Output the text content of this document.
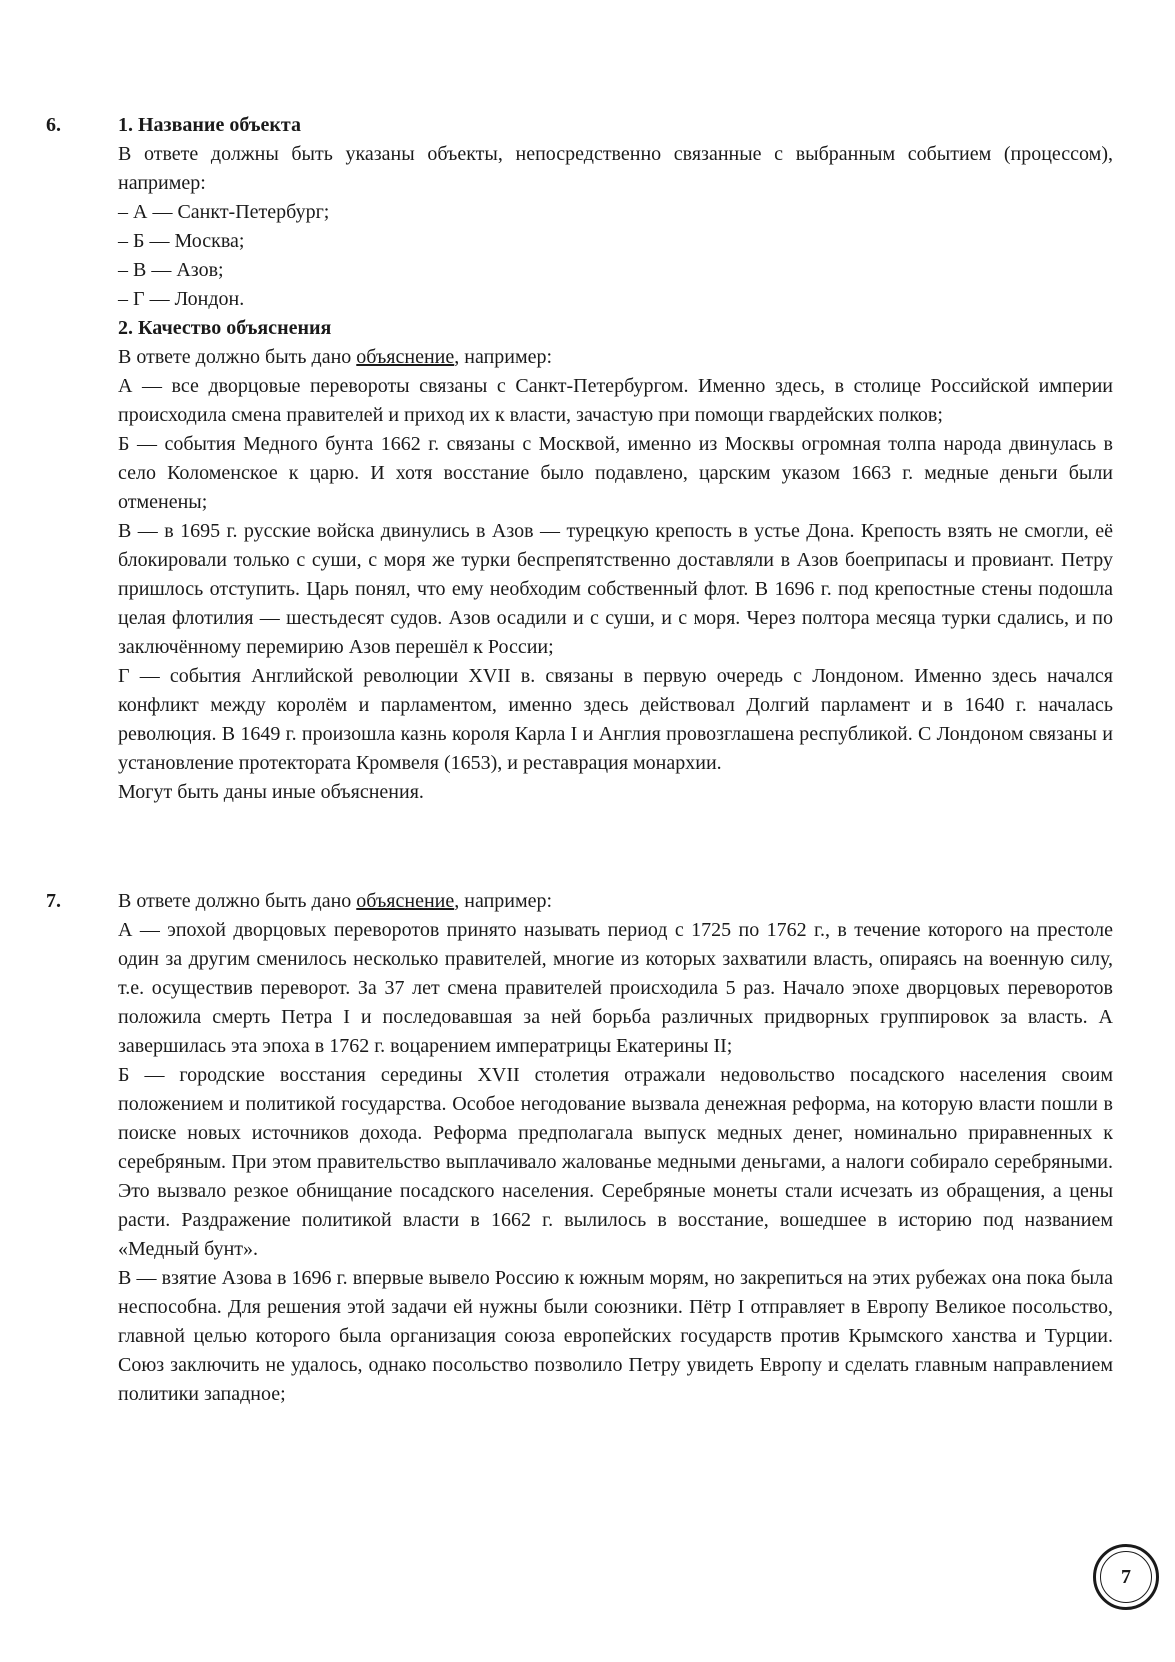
6.	1. Название объекта

В ответе должны быть указаны объекты, непосредственно связанные с выбранным событием (процессом), например:

– А — Санкт-Петербург;

– Б — Москва;

– В — Азов;

– Г — Лондон.

2. Качество объяснения

В ответе должно быть дано объяснение, например:

А — все дворцовые перевороты связаны с Санкт-Петербургом. Именно здесь, в столице Российской империи происходила смена правителей и приход их к власти, зачастую при помощи гвардейских полков;

Б — события Медного бунта 1662 г. связаны с Москвой, именно из Москвы огромная толпа народа двинулась в село Коломенское к царю. И хотя восстание было подавлено, царским указом 1663 г. медные деньги были отменены;

В — в 1695 г. русские войска двинулись в Азов — турецкую крепость в устье Дона. Крепость взять не смогли, её блокировали только с суши, с моря же турки беспрепятственно доставляли в Азов боеприпасы и провиант. Петру пришлось отступить. Царь понял, что ему необходим собственный флот. В 1696 г. под крепостные стены подошла целая флотилия — шестьдесят судов. Азов осадили и с суши, и с моря. Через полтора месяца турки сдались, и по заключённому перемирию Азов перешёл к России;

Г — события Английской революции XVII в. связаны в первую очередь с Лондоном. Именно здесь начался конфликт между королём и парламентом, именно здесь действовал Долгий парламент и в 1640 г. началась революция. В 1649 г. произошла казнь короля Карла I и Англия провозглашена республикой. С Лондоном связаны и установление протектората Кромвеля (1653), и реставрация монархии.

Могут быть даны иные объяснения.

7.	В ответе должно быть дано объяснение, например:

А — эпохой дворцовых переворотов принято называть период с 1725 по 1762 г., в течение которого на престоле один за другим сменилось несколько правителей, многие из которых захватили власть, опираясь на военную силу, т.е. осуществив переворот. За 37 лет смена правителей происходила 5 раз. Начало эпохе дворцовых переворотов положила смерть Петра I и последовавшая за ней борьба различных придворных группировок за власть. А завершилась эта эпоха в 1762 г. воцарением императрицы Екатерины II;

Б — городские восстания середины XVII столетия отражали недовольство посадского населения своим положением и политикой государства. Особое негодование вызвала денежная реформа, на которую власти пошли в поиске новых источников дохода. Реформа предполагала выпуск медных денег, номинально приравненных к серебряным. При этом правительство выплачивало жалованье медными деньгами, а налоги собирало серебряными. Это вызвало резкое обнищание посадского населения. Серебряные монеты стали исчезать из обращения, а цены расти. Раздражение политикой власти в 1662 г. вылилось в восстание, вошедшее в историю под названием «Медный бунт».

В — взятие Азова в 1696 г. впервые вывело Россию к южным морям, но закрепиться на этих рубежах она пока была неспособна. Для решения этой задачи ей нужны были союзники. Пётр I отправляет в Европу Великое посольство, главной целью которого была организация союза европейских государств против Крымского ханства и Турции. Союз заключить не удалось, однако посольство позволило Петру увидеть Европу и сделать главным направлением политики западное;

7
